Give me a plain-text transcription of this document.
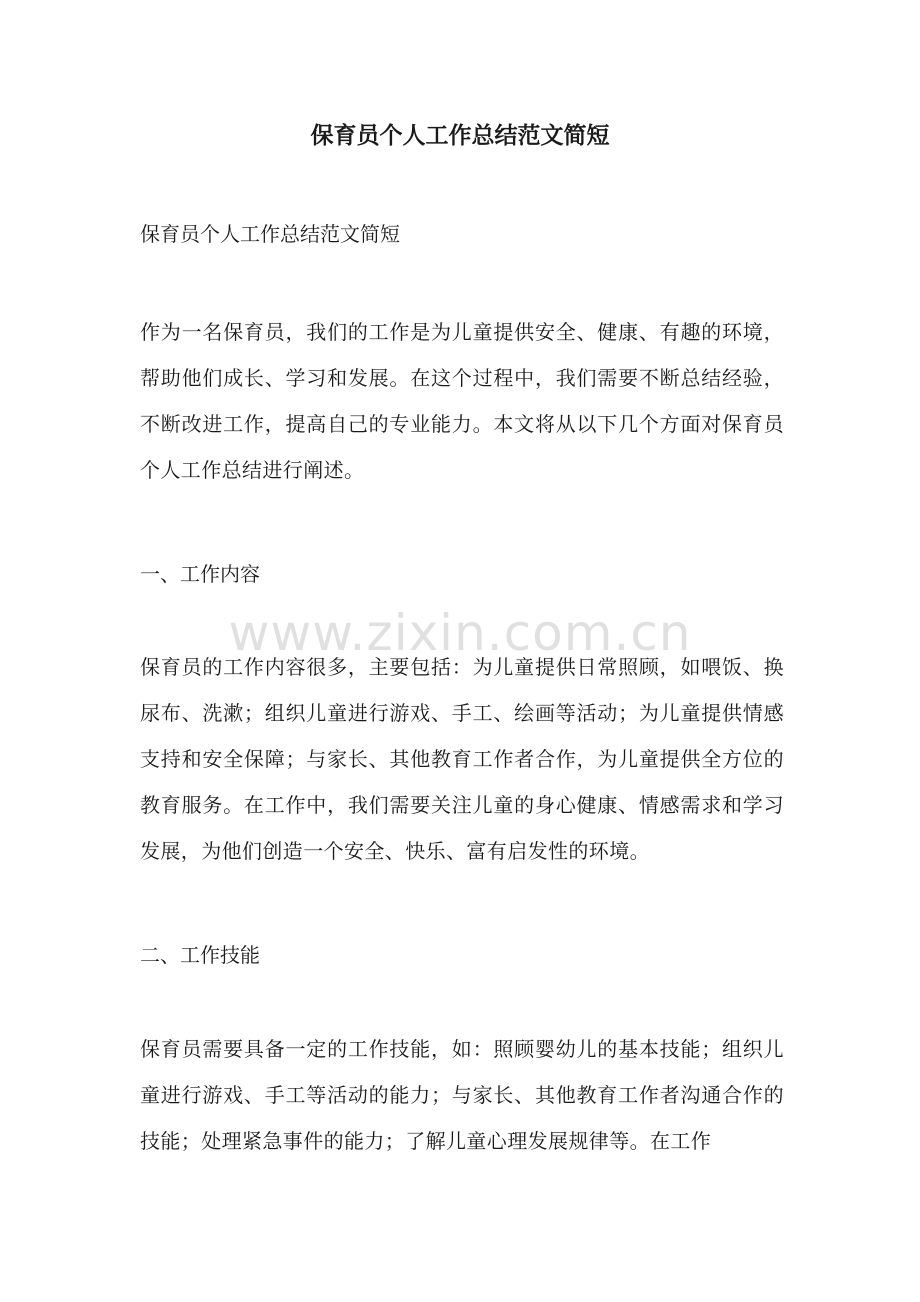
保育员个人工作总结范文简短

保育员个人工作总结范文简短

作为一名保育员，我们的工作是为儿童提供安全、健康、有趣的环境，帮助他们成长、学习和发展。在这个过程中，我们需要不断总结经验，不断改进工作，提高自己的专业能力。本文将从以下几个方面对保育员个人工作总结进行阐述。

一、工作内容

保育员的工作内容很多，主要包括：为儿童提供日常照顾，如喂饭、换尿布、洗漱；组织儿童进行游戏、手工、绘画等活动；为儿童提供情感支持和安全保障；与家长、其他教育工作者合作，为儿童提供全方位的教育服务。在工作中，我们需要关注儿童的身心健康、情感需求和学习发展，为他们创造一个安全、快乐、富有启发性的环境。

二、工作技能

保育员需要具备一定的工作技能，如：照顾婴幼儿的基本技能；组织儿童进行游戏、手工等活动的能力；与家长、其他教育工作者沟通合作的技能；处理紧急事件的能力；了解儿童心理发展规律等。在工作

www.zixin.com.cn
